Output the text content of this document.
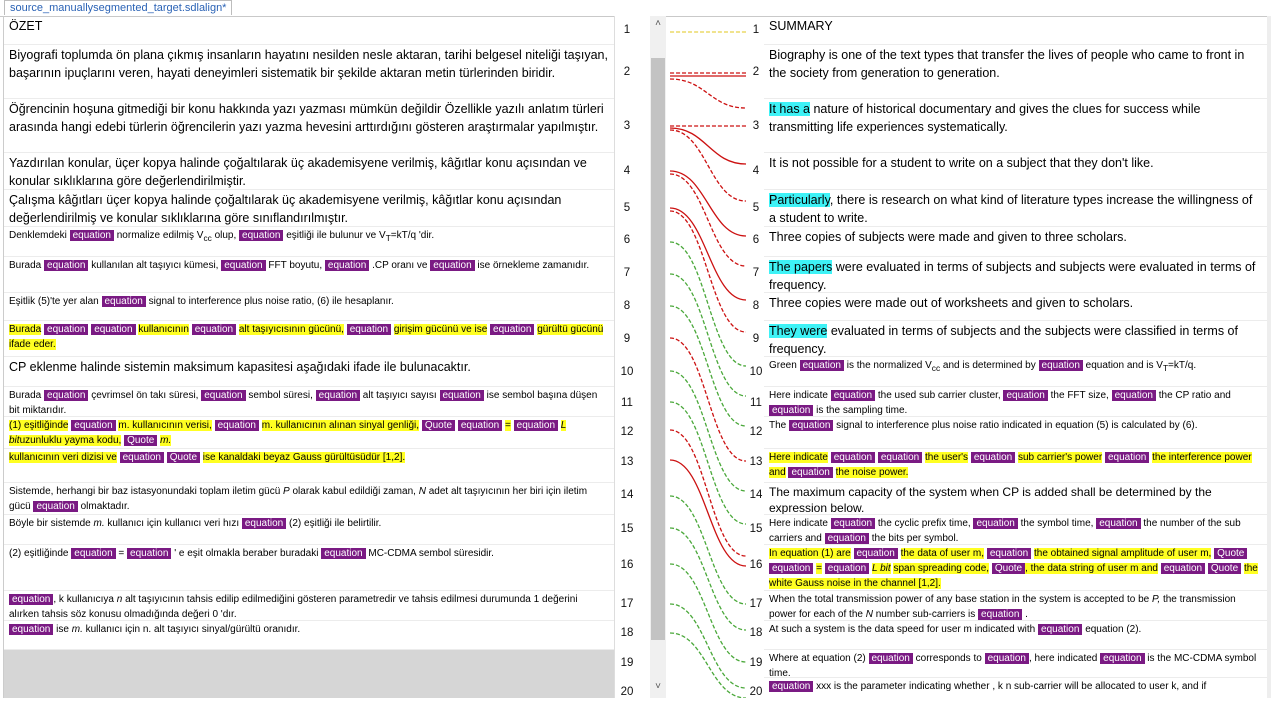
source_manuallysegmented_target.sdlalign*
ÖZET
Biyografi toplumda ön plana çıkmış insanların hayatını nesilden nesle aktaran, tarihi belgesel niteliği taşıyan, başarının ipuçlarını veren, hayati deneyimleri sistematik bir şekilde aktaran metin türlerinden biridir.
Öğrencinin hoşuna gitmediği bir konu hakkında yazı yazması mümkün değildir Özellikle yazılı anlatım türleri arasında hangi edebi türlerin öğrencilerin yazı yazma hevesini arttırdığını gösteren araştırmalar yapılmıştır.
Yazdırılan konular, üçer kopya halinde çoğaltılarak üç akademisyene verilmiş, kâğıtlar konu açısından ve konular sıklıklarına göre değerlendirilmiştir.
Çalışma kâğıtları üçer kopya halinde çoğaltılarak üç akademisyene verilmiş, kâğıtlar konu açısından değerlendirilmiş ve konular sıklıklarına göre sınıflandırılmıştır.
Denklemdeki equation normalize edilmiş $V_{cc}$ olup, equation eşitliği ile bulunur ve $V_T=kT/q$ 'dir.
Burada equation kullanılan alt taşıyıcı kümesi, equation FFT boyutu, equation .CP oranı ve equation ise örnekleme zamanıdır.
Eşitlik (5)'te yer alan equation signal to interference plus noise ratio, (6) ile hesaplanır.
Burada equation equation kullanıcının equation alt taşıyıcısının gücünü, equation girişim gücünü ve ise equation gürültü gücünü ifade eder.
CP eklenme halinde sistemin maksimum kapasitesi aşağıdaki ifade ile bulunacaktır.
Burada equation çevrimsel ön takı süresi, equation sembol süresi, equation alt taşıyıcı sayısı equation ise sembol başına düşen bit miktarıdır.
(1) eşitliğinde equation m. kullanıcının verisi, equation m. kullanıcının alınan sinyal genliği, Quote equation = equation L bituzunluklu yayma kodu, Quote m.
kullanıcının veri dizisi ve equation Quote ise kanaldaki beyaz Gauss gürültüsüdür [1,2].
Sistemde, herhangi bir baz istasyonundaki toplam iletim gücü P olarak kabul edildiği zaman, N adet alt taşıyıcının her biri için iletim gücü equation olmaktadır.
Böyle bir sistemde m. kullanıcı için kullanıcı veri hızı equation (2) eşitliği ile belirtilir.
(2) eşitliğinde equation = equation ' e eşit olmakla beraber buradaki equation MC-CDMA sembol süresidir.
equation , k kullanıcıya n alt taşıyıcının tahsis edilip edilmediğini gösteren parametredir ve tahsis edilmesi durumunda 1 değerini alırken tahsis söz konusu olmadığında değeri 0 'dır.
equation ise m. kullanıcı için n. alt taşıyıcı sinyal/gürültü oranıdır.
1
2
3
4
5
6
7
8
9
10
11
12
13
14
15
16
17
18
19
20
˄
˅
1
2
3
4
5
6
7
8
9
10
11
12
13
14
15
16
17
18
19
20
SUMMARY
Biography is one of the text types that transfer the lives of people who came to front in the society from generation to generation.
It has a nature of historical documentary and gives the clues for success while transmitting life experiences systematically.
It is not possible for a student to write on a subject that they don't like.
Particularly, there is research on what kind of literature types increase the willingness of a student to write.
Three copies of subjects were made and given to three scholars.
The papers were evaluated in terms of subjects and subjects were evaluated in terms of frequency.
Three copies were made out of worksheets and given to scholars.
They were evaluated in terms of subjects and the subjects were classified in terms of frequency.
Green equation is the normalized $V_{cc}$ and is determined by equation equation and is $V_T=kT/q$.
Here indicate equation the used sub carrier cluster, equation the FFT size, equation the CP ratio and equation is the sampling time.
The equation signal to interference plus noise ratio indicated in equation (5) is calculated by (6).
Here indicate equation equation the user's equation sub carrier's power equation the interference power and equation the noise power.
The maximum capacity of the system when CP is added shall be determined by the expression below.
Here indicate equation the cyclic prefix time, equation the symbol time, equation the number of the sub carriers and equation the bits per symbol.
In equation (1) are equation the data of user m, equation the obtained signal amplitude of user m, Quote equation = equation L bit span spreading code, Quote , the data string of user m and equation Quote the white Gauss noise in the channel [1,2].
When the total transmission power of any base station in the system is accepted to be P, the transmission power for each of the N number sub-carriers is equation .
At such a system is the data speed for user m indicated with equation equation (2).
Where at equation (2) equation corresponds to equation , here indicated equation is the MC-CDMA symbol time.
equation xxx is the parameter indicating whether , k n sub-carrier will be allocated to user k, and if
